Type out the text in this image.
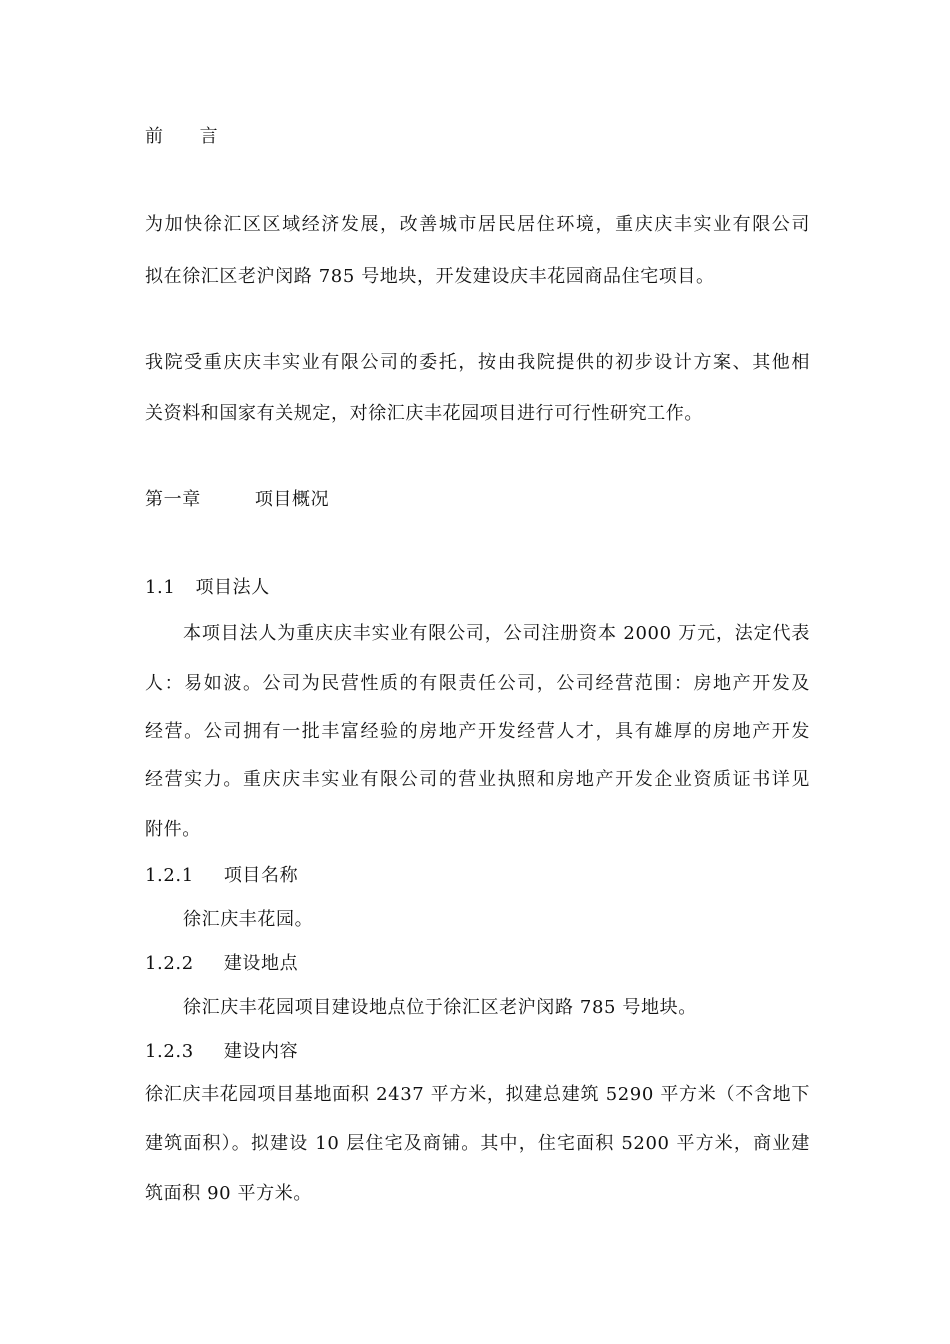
前 言
为加快徐汇区区域经济发展，改善城市居民居住环境，重庆庆丰实业有限公司
拟在徐汇区老沪闵路 785 号地块，开发建设庆丰花园商品住宅项目。
我院受重庆庆丰实业有限公司的委托，按由我院提供的初步设计方案、其他相
关资料和国家有关规定，对徐汇庆丰花园项目进行可行性研究工作。
第一章	项目概况
1.1 项目法人
本项目法人为重庆庆丰实业有限公司，公司注册资本 2000 万元，法定代表
人：易如波。公司为民营性质的有限责任公司，公司经营范围：房地产开发及
经营。公司拥有一批丰富经验的房地产开发经营人才，具有雄厚的房地产开发
经营实力。重庆庆丰实业有限公司的营业执照和房地产开发企业资质证书详见
附件。
1.2.1 项目名称
徐汇庆丰花园。
1.2.2 建设地点
徐汇庆丰花园项目建设地点位于徐汇区老沪闵路 785 号地块。
1.2.3 建设内容
徐汇庆丰花园项目基地面积 2437 平方米，拟建总建筑 5290 平方米（不含地下
建筑面积）。拟建设 10 层住宅及商铺。其中，住宅面积 5200 平方米，商业建
筑面积 90 平方米。
